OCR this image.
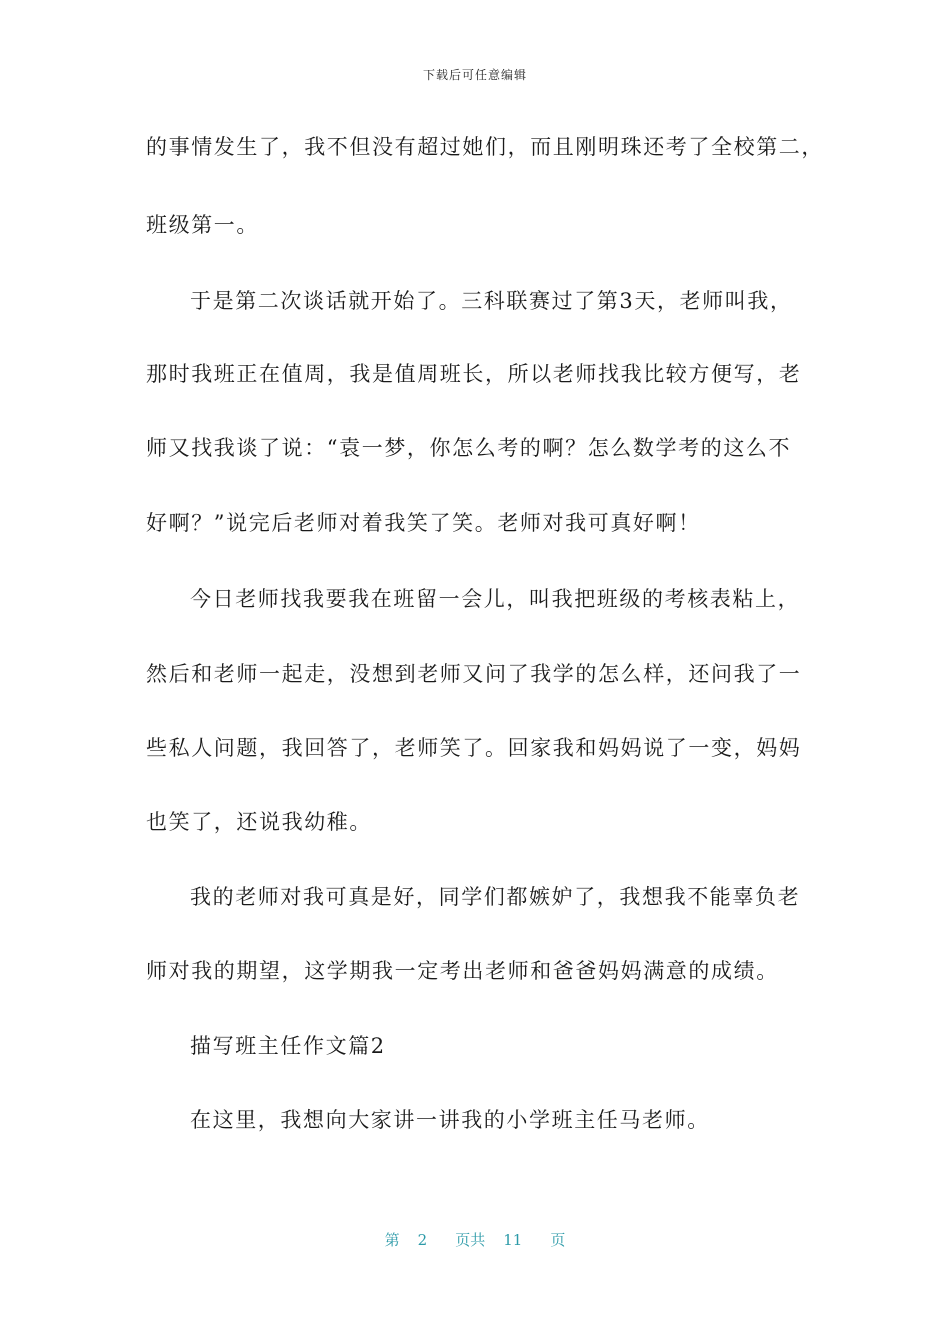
下载后可任意编辑
的事情发生了，我不但没有超过她们，而且刚明珠还考了全校第二，
班级第一。
于是第二次谈话就开始了。三科联赛过了第3天，老师叫我，
那时我班正在值周，我是值周班长，所以老师找我比较方便写，老
师又找我谈了说：“袁一梦，你怎么考的啊？怎么数学考的这么不
好啊？”说完后老师对着我笑了笑。老师对我可真好啊！
今日老师找我要我在班留一会儿，叫我把班级的考核表粘上，
然后和老师一起走，没想到老师又问了我学的怎么样，还问我了一
些私人问题，我回答了，老师笑了。回家我和妈妈说了一变，妈妈
也笑了，还说我幼稚。
我的老师对我可真是好，同学们都嫉妒了，我想我不能辜负老
师对我的期望，这学期我一定考出老师和爸爸妈妈满意的成绩。
描写班主任作文篇2
在这里，我想向大家讲一讲我的小学班主任马老师。
第 2 页共 11 页
